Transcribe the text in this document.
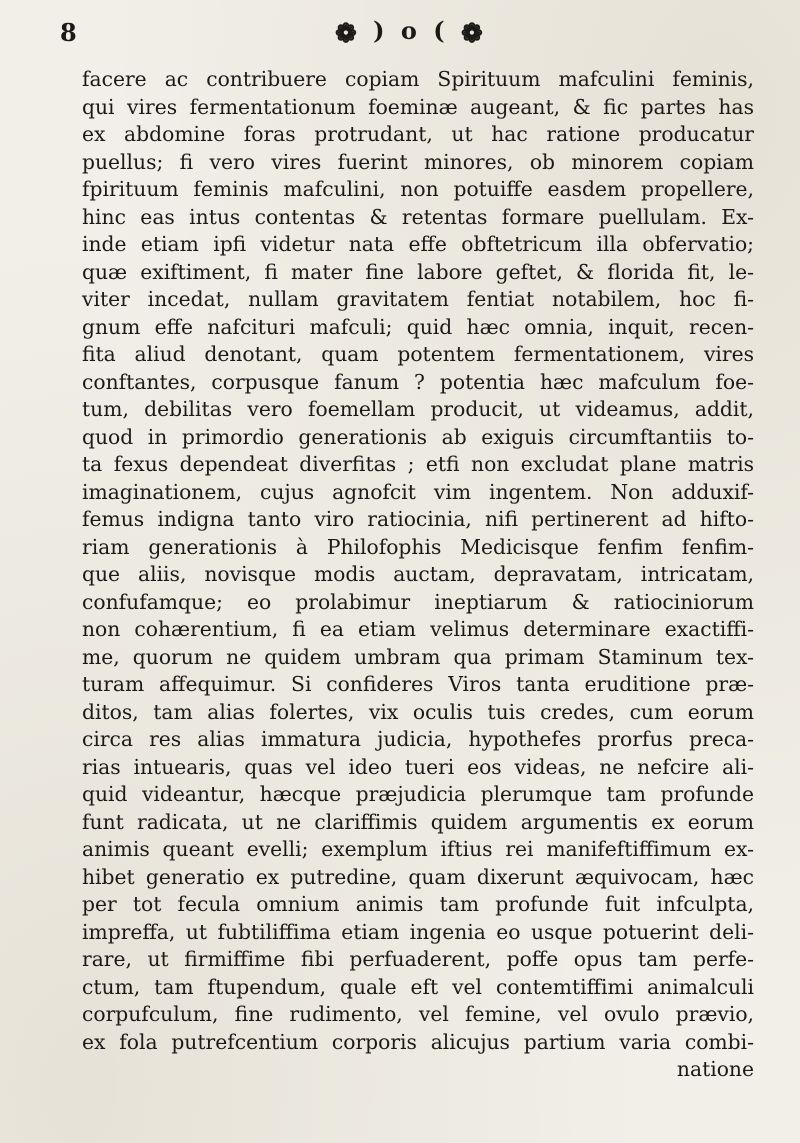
8	❁ ) o ( ❁
facere ac contribuere copiam Spirituum mafculini feminis,
qui vires fermentationum foeminæ augeant, & fic partes has
ex abdomine foras protrudant, ut hac ratione producatur
puellus; fi vero vires fuerint minores, ob minorem copiam
fpirituum feminis mafculini, non potuiffe easdem propellere,
hinc eas intus contentas & retentas formare puellulam. Ex-
inde etiam ipfi videtur nata effe obftetricum illa obfervatio;
quæ exiftiment, fi mater fine labore geftet, & florida fit, le-
viter incedat, nullam gravitatem fentiat notabilem, hoc fi-
gnum effe nafcituri mafculi; quid hæc omnia, inquit, recen-
fita aliud denotant, quam potentem fermentationem, vires
conftantes, corpusque fanum ? potentia hæc mafculum foe-
tum, debilitas vero foemellam producit, ut videamus, addit,
quod in primordio generationis ab exiguis circumftantiis to-
ta fexus dependeat diverfitas ; etfi non excludat plane matris
imaginationem, cujus agnofcit vim ingentem. Non adduxif-
femus indigna tanto viro ratiocinia, nifi pertinerent ad hifto-
riam generationis à Philofophis Medicisque fenfim fenfim-
que aliis, novisque modis auctam, depravatam, intricatam,
confufamque; eo prolabimur ineptiarum & ratiociniorum
non cohærentium, fi ea etiam velimus determinare exactiffi-
me, quorum ne quidem umbram qua primam Staminum tex-
turam affequimur. Si confideres Viros tanta eruditione præ-
ditos, tam alias folertes, vix oculis tuis credes, cum eorum
circa res alias immatura judicia, hypothefes prorfus preca-
rias intuearis, quas vel ideo tueri eos videas, ne nefcire ali-
quid videantur, hæcque præjudicia plerumque tam profunde
funt radicata, ut ne clariffimis quidem argumentis ex eorum
animis queant evelli; exemplum iftius rei manifeftiffimum ex-
hibet generatio ex putredine, quam dixerunt æquivocam, hæc
per tot fecula omnium animis tam profunde fuit infculpta,
impreffa, ut fubtiliffima etiam ingenia eo usque potuerint deli-
rare, ut firmiffime fibi perfuaderent, poffe opus tam perfe-
ctum, tam ftupendum, quale eft vel contemtiffimi animalculi
corpufculum, fine rudimento, vel femine, vel ovulo prævio,
ex fola putrefcentium corporis alicujus partium varia combi-
natione
